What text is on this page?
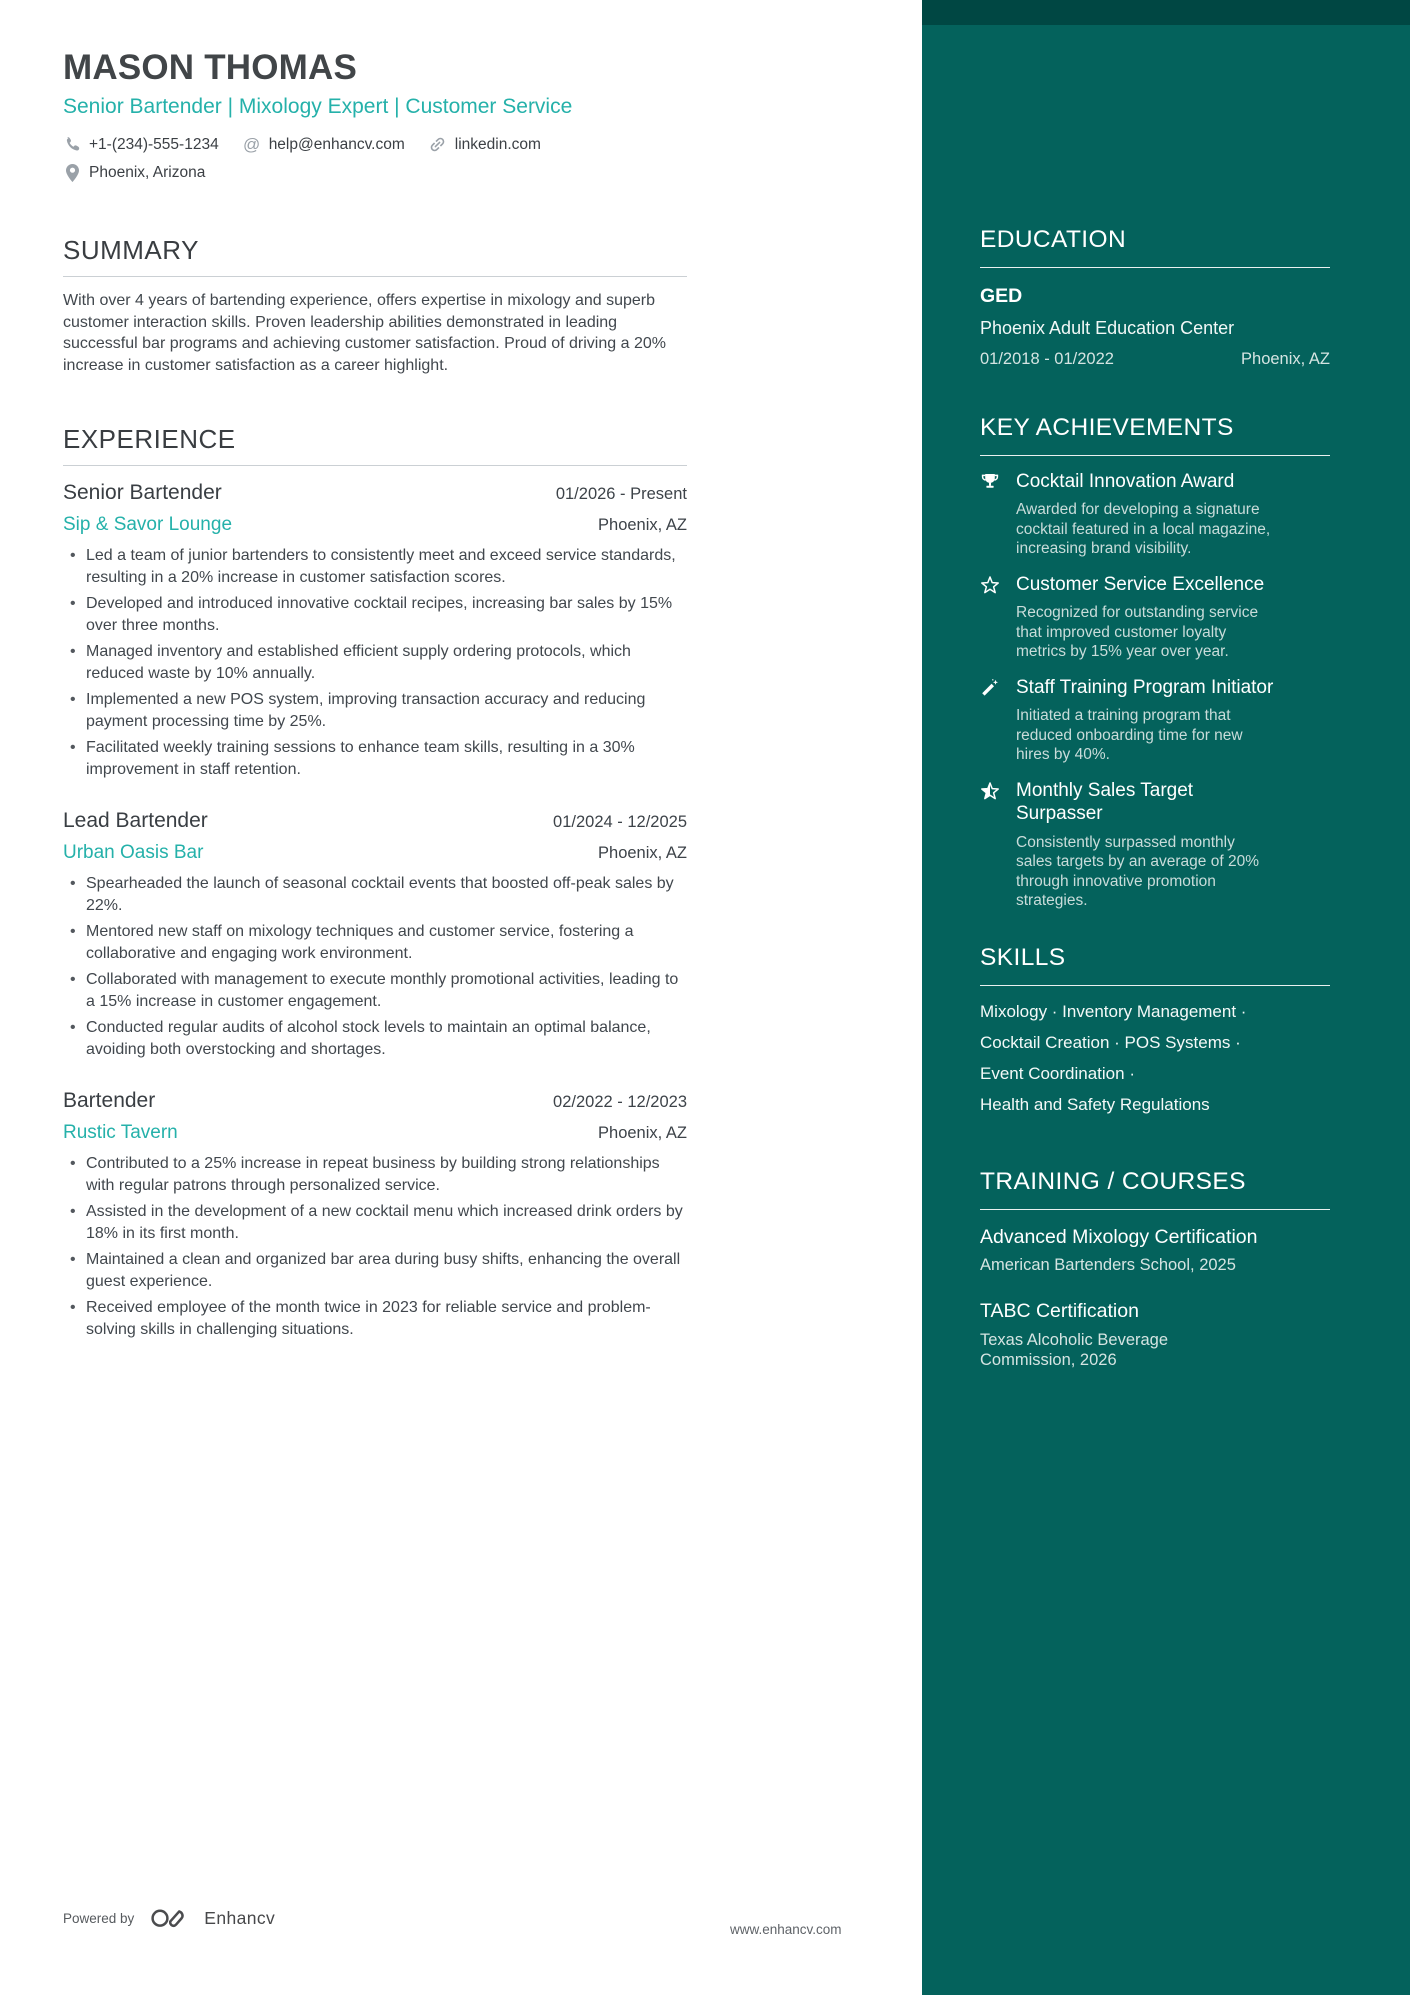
MASON THOMAS
Senior Bartender | Mixology Expert | Customer Service
+1-(234)-555-1234 @ help@enhancv.com	linkedin.com
Phoenix, Arizona
SUMMARY
With over 4 years of bartending experience, offers expertise in mixology and superb customer interaction skills. Proven leadership abilities demonstrated in leading successful bar programs and achieving customer satisfaction. Proud of driving a 20% increase in customer satisfaction as a career highlight.
EXPERIENCE
Senior Bartender	01/2026 - Present
Sip & Savor Lounge	Phoenix, AZ
• Led a team of junior bartenders to consistently meet and exceed service standards, resulting in a 20% increase in customer satisfaction scores.
• Developed and introduced innovative cocktail recipes, increasing bar sales by 15% over three months.
• Managed inventory and established efficient supply ordering protocols, which reduced waste by 10% annually.
• Implemented a new POS system, improving transaction accuracy and reducing payment processing time by 25%.
• Facilitated weekly training sessions to enhance team skills, resulting in a 30% improvement in staff retention.
Lead Bartender	01/2024 - 12/2025
Urban Oasis Bar	Phoenix, AZ
• Spearheaded the launch of seasonal cocktail events that boosted off-peak sales by 22%.
• Mentored new staff on mixology techniques and customer service, fostering a collaborative and engaging work environment.
• Collaborated with management to execute monthly promotional activities, leading to a 15% increase in customer engagement.
• Conducted regular audits of alcohol stock levels to maintain an optimal balance, avoiding both overstocking and shortages.
Bartender	02/2022 - 12/2023
Rustic Tavern	Phoenix, AZ
• Contributed to a 25% increase in repeat business by building strong relationships with regular patrons through personalized service.
• Assisted in the development of a new cocktail menu which increased drink orders by 18% in its first month.
• Maintained a clean and organized bar area during busy shifts, enhancing the overall guest experience.
• Received employee of the month twice in 2023 for reliable service and problem-solving skills in challenging situations.
EDUCATION
GED
Phoenix Adult Education Center
01/2018 - 01/2022	Phoenix, AZ
KEY ACHIEVEMENTS
Cocktail Innovation Award
Awarded for developing a signature cocktail featured in a local magazine, increasing brand visibility.
Customer Service Excellence
Recognized for outstanding service that improved customer loyalty metrics by 15% year over year.
Staff Training Program Initiator
Initiated a training program that reduced onboarding time for new hires by 40%.
Monthly Sales Target Surpasser
Consistently surpassed monthly sales targets by an average of 20% through innovative promotion strategies.
SKILLS
Mixology · Inventory Management ·
Cocktail Creation · POS Systems ·
Event Coordination ·
Health and Safety Regulations
TRAINING / COURSES
Advanced Mixology Certification
American Bartenders School, 2025
TABC Certification
Texas Alcoholic Beverage Commission, 2026
Powered by	Enhancv
www.enhancv.com
